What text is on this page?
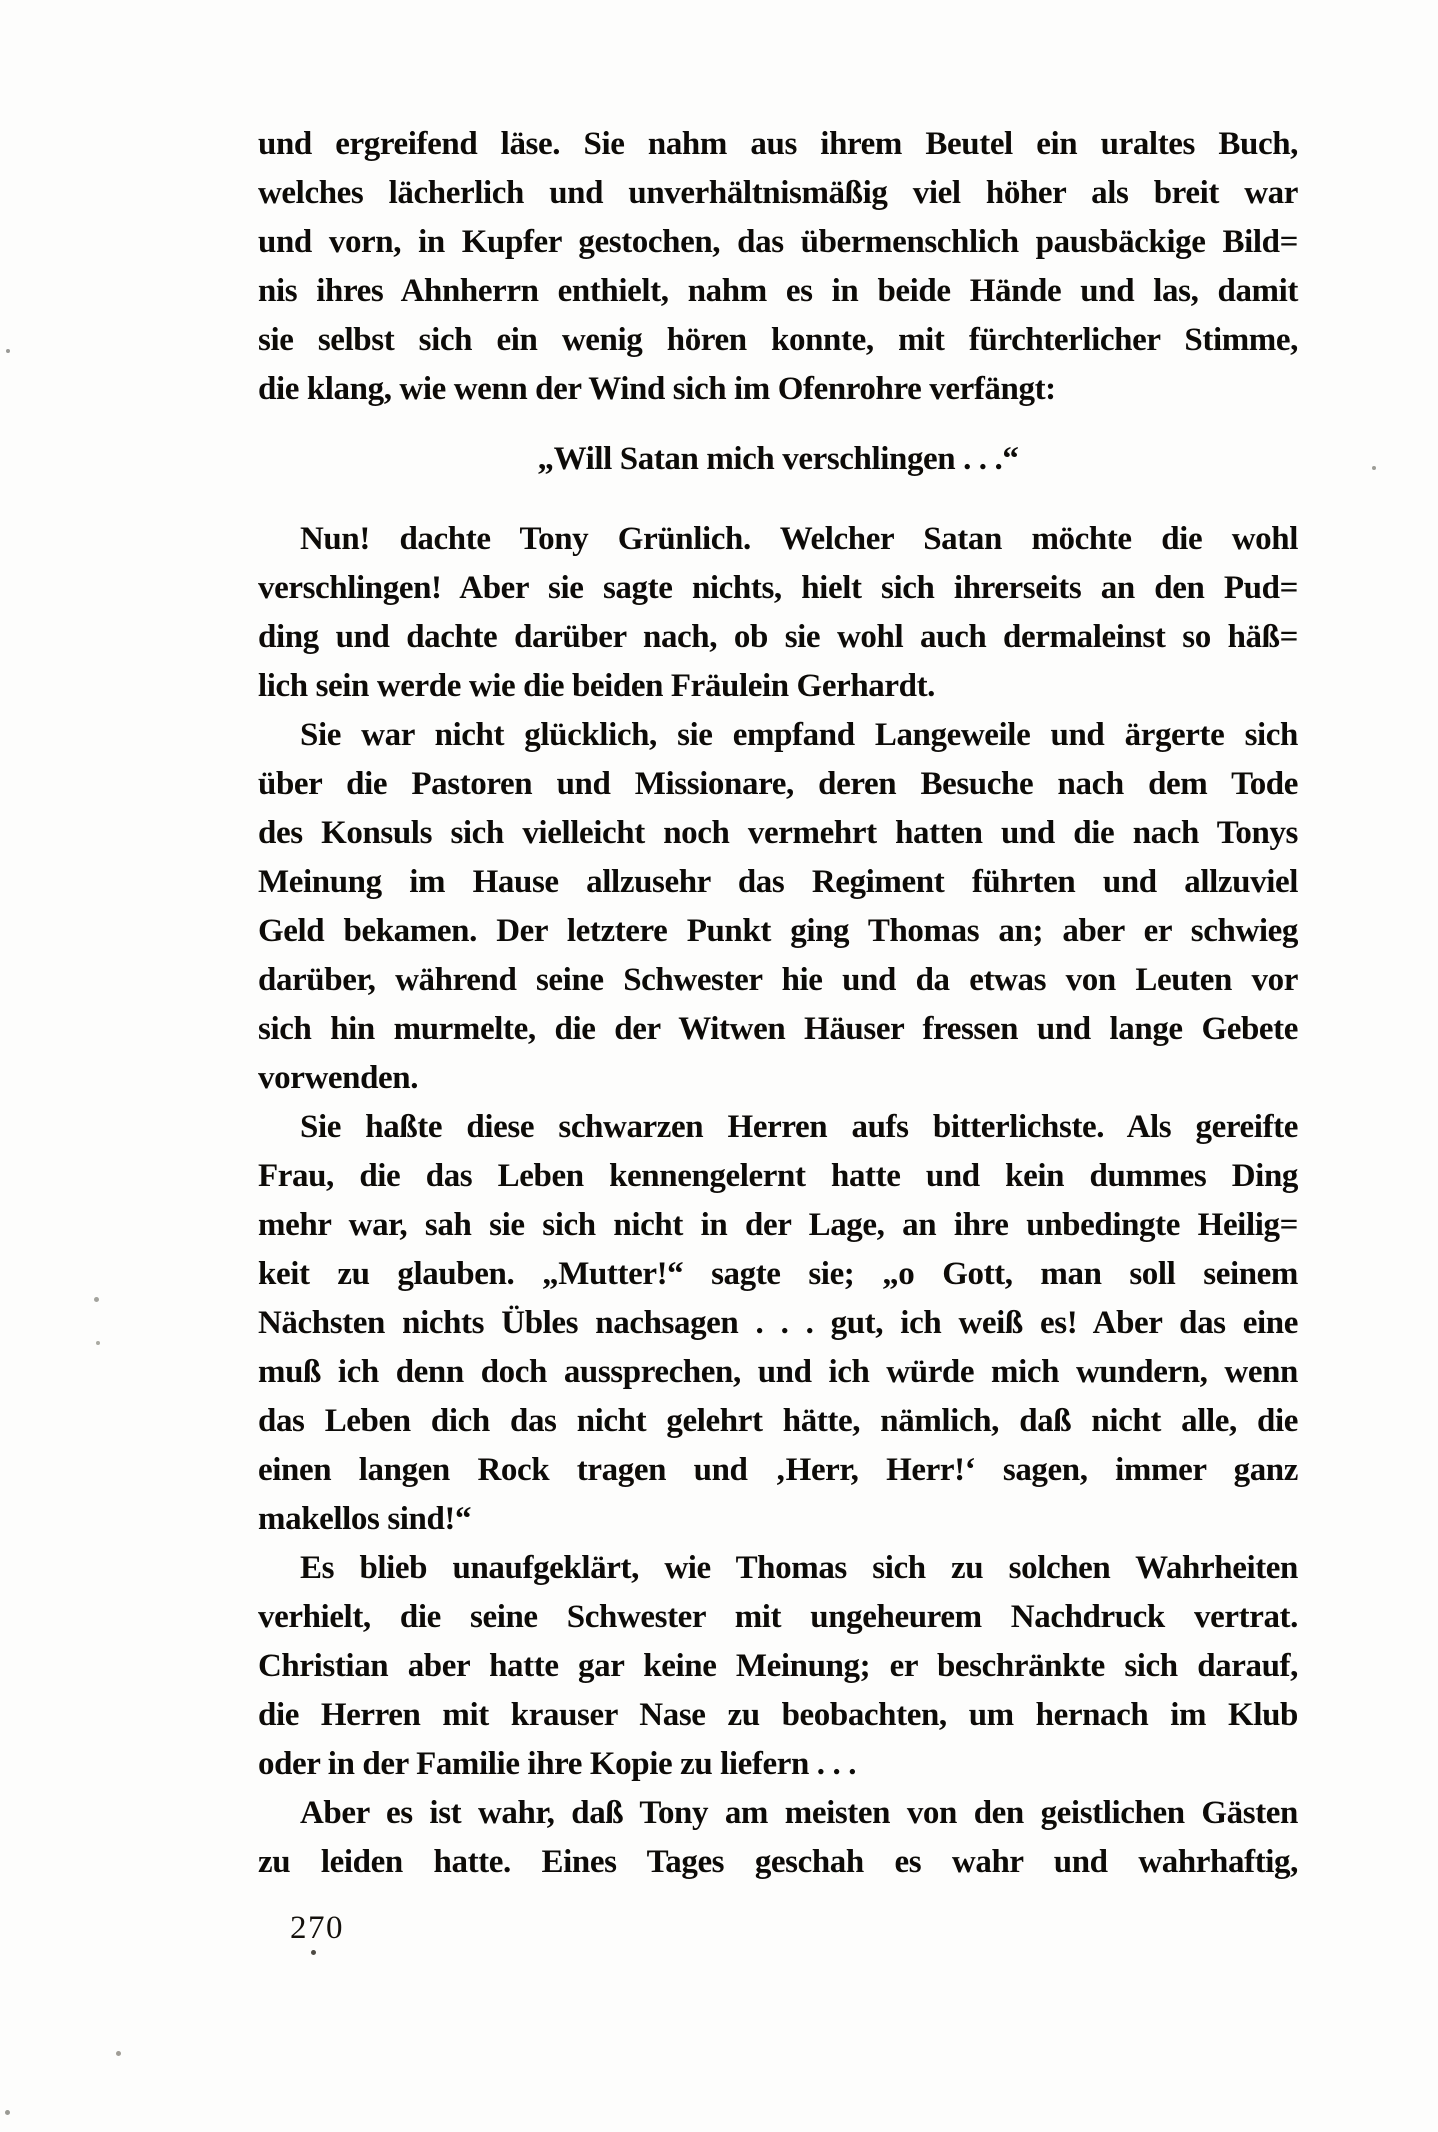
und ergreifend läse. Sie nahm aus ihrem Beutel ein uraltes Buch,
welches lächerlich und unverhältnismäßig viel höher als breit war
und vorn, in Kupfer gestochen, das übermenschlich pausbäckige Bild=
nis ihres Ahnherrn enthielt, nahm es in beide Hände und las, damit
sie selbst sich ein wenig hören konnte, mit fürchterlicher Stimme,
die klang, wie wenn der Wind sich im Ofenrohre verfängt:

„Will Satan mich verschlingen . . .“

Nun! dachte Tony Grünlich. Welcher Satan möchte die wohl
verschlingen! Aber sie sagte nichts, hielt sich ihrerseits an den Pud=
ding und dachte darüber nach, ob sie wohl auch dermaleinst so häß=
lich sein werde wie die beiden Fräulein Gerhardt.

Sie war nicht glücklich, sie empfand Langeweile und ärgerte sich
über die Pastoren und Missionare, deren Besuche nach dem Tode
des Konsuls sich vielleicht noch vermehrt hatten und die nach Tonys
Meinung im Hause allzusehr das Regiment führten und allzuviel
Geld bekamen. Der letztere Punkt ging Thomas an; aber er schwieg
darüber, während seine Schwester hie und da etwas von Leuten vor
sich hin murmelte, die der Witwen Häuser fressen und lange Gebete
vorwenden.

Sie haßte diese schwarzen Herren aufs bitterlichste. Als gereifte
Frau, die das Leben kennengelernt hatte und kein dummes Ding
mehr war, sah sie sich nicht in der Lage, an ihre unbedingte Heilig=
keit zu glauben. „Mutter!“ sagte sie; „o Gott, man soll seinem
Nächsten nichts Übles nachsagen . . . gut, ich weiß es! Aber das eine
muß ich denn doch aussprechen, und ich würde mich wundern, wenn
das Leben dich das nicht gelehrt hätte, nämlich, daß nicht alle, die
einen langen Rock tragen und ‚Herr, Herr!‘ sagen, immer ganz
makellos sind!“

Es blieb unaufgeklärt, wie Thomas sich zu solchen Wahrheiten
verhielt, die seine Schwester mit ungeheurem Nachdruck vertrat.
Christian aber hatte gar keine Meinung; er beschränkte sich darauf,
die Herren mit krauser Nase zu beobachten, um hernach im Klub
oder in der Familie ihre Kopie zu liefern . . .

Aber es ist wahr, daß Tony am meisten von den geistlichen Gästen
zu leiden hatte. Eines Tages geschah es wahr und wahrhaftig,

270
